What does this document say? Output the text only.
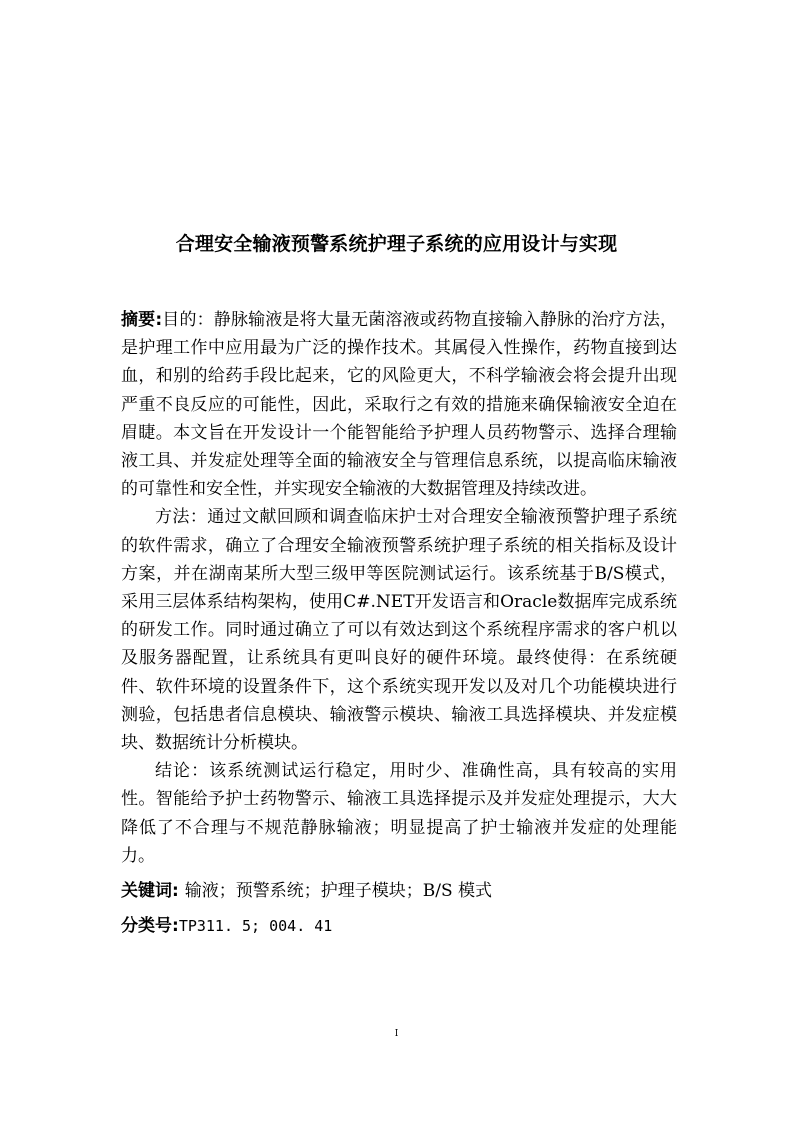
合理安全输液预警系统护理子系统的应用设计与实现

摘要:目的：静脉输液是将大量无菌溶液或药物直接输入静脉的治疗方法，是护理工作中应用最为广泛的操作技术。其属侵入性操作，药物直接到达血，和别的给药手段比起来，它的风险更大，不科学输液会将会提升出现严重不良反应的可能性，因此，采取行之有效的措施来确保输液安全迫在眉睫。本文旨在开发设计一个能智能给予护理人员药物警示、选择合理输液工具、并发症处理等全面的输液安全与管理信息系统，以提高临床输液的可靠性和安全性，并实现安全输液的大数据管理及持续改进。

方法：通过文献回顾和调查临床护士对合理安全输液预警护理子系统的软件需求，确立了合理安全输液预警系统护理子系统的相关指标及设计方案，并在湖南某所大型三级甲等医院测试运行。该系统基于B/S模式，采用三层体系结构架构，使用C#.NET开发语言和Oracle数据库完成系统的研发工作。同时通过确立了可以有效达到这个系统程序需求的客户机以及服务器配置，让系统具有更叫良好的硬件环境。最终使得：在系统硬件、软件环境的设置条件下，这个系统实现开发以及对几个功能模块进行测验，包括患者信息模块、输液警示模块、输液工具选择模块、并发症模块、数据统计分析模块。

结论：该系统测试运行稳定，用时少、准确性高，具有较高的实用性。智能给予护士药物警示、输液工具选择提示及并发症处理提示，大大降低了不合理与不规范静脉输液；明显提高了护士输液并发症的处理能力。

关键词: 输液；预警系统；护理子模块；B/S 模式

分类号:TP311. 5; 004. 41

I
